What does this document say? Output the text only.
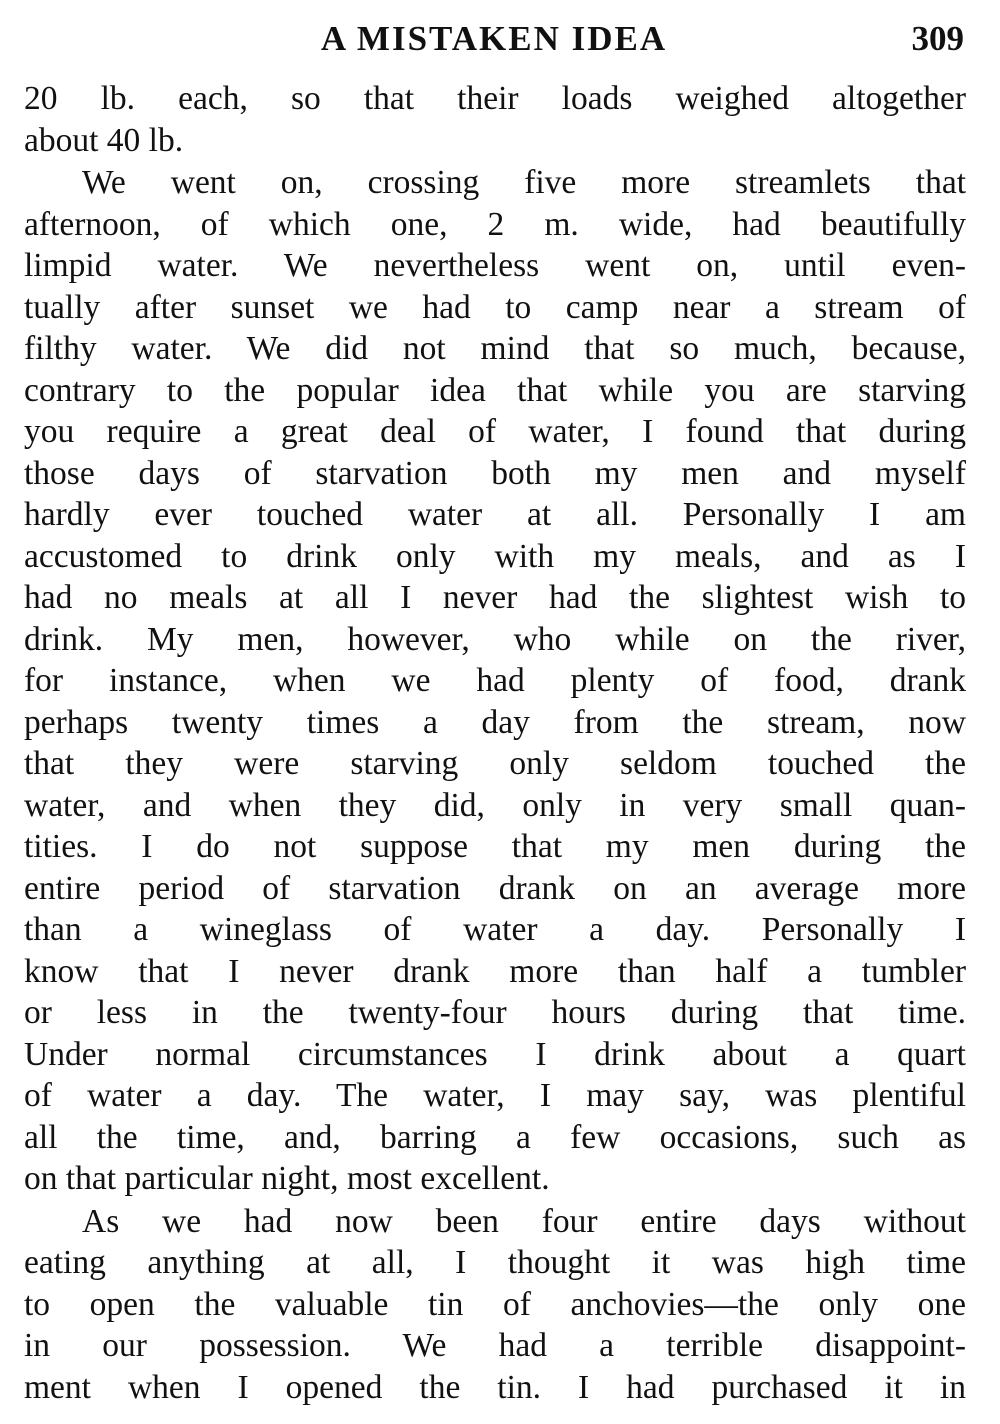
A MISTAKEN IDEA	309
20 lb. each, so that their loads weighed altogether
about 40 lb.
We went on, crossing five more streamlets that
afternoon, of which one, 2 m. wide, had beautifully
limpid water. We nevertheless went on, until even-
tually after sunset we had to camp near a stream of
filthy water. We did not mind that so much, because,
contrary to the popular idea that while you are starving
you require a great deal of water, I found that during
those days of starvation both my men and myself
hardly ever touched water at all. Personally I am
accustomed to drink only with my meals, and as I
had no meals at all I never had the slightest wish to
drink. My men, however, who while on the river,
for instance, when we had plenty of food, drank
perhaps twenty times a day from the stream, now
that they were starving only seldom touched the
water, and when they did, only in very small quan-
tities. I do not suppose that my men during the
entire period of starvation drank on an average more
than a wineglass of water a day. Personally I
know that I never drank more than half a tumbler
or less in the twenty-four hours during that time.
Under normal circumstances I drink about a quart
of water a day. The water, I may say, was plentiful
all the time, and, barring a few occasions, such as
on that particular night, most excellent.
As we had now been four entire days without
eating anything at all, I thought it was high time
to open the valuable tin of anchovies—the only one
in our possession. We had a terrible disappoint-
ment when I opened the tin. I had purchased it in
